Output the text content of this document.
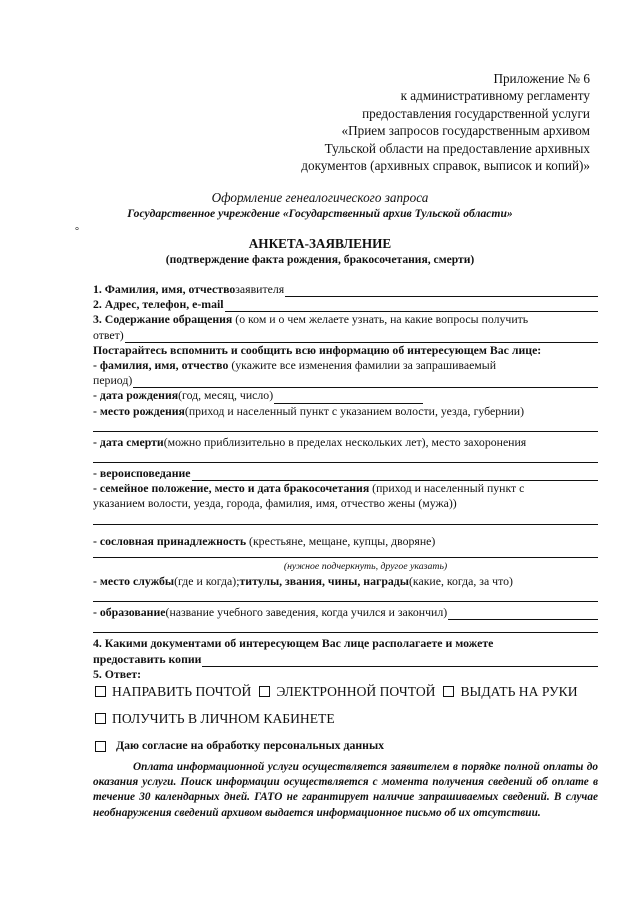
Приложение № 6
к административному регламенту
предоставления государственной услуги
«Прием запросов государственным архивом
Тульской области на предоставление архивных
документов (архивных справок, выписок и копий)»
Оформление генеалогического запроса
Государственное учреждение «Государственный архив Тульской области»
°
АНКЕТА-ЗАЯВЛЕНИЕ
(подтверждение факта рождения, бракосочетания, смерти)
1. Фамилия, имя, отчество заявителя
2. Адрес, телефон, e-mail
3. Содержание обращения (о ком и о чем желаете узнать, на какие вопросы получить
ответ)
Постарайтесь вспомнить и сообщить всю информацию об интересующем Вас лице:
- фамилия, имя, отчество (укажите все изменения фамилии за запрашиваемый
период)
- дата рождения (год, месяц, число)
- место рождения (приход и населенный пункт с указанием волости, уезда, губернии)
- дата смерти (можно приблизительно в пределах нескольких лет), место захоронения
- вероисповедание
- семейное положение, место и дата бракосочетания (приход и населенный пункт с
указанием волости, уезда, города, фамилия, имя, отчество жены (мужа))
- сословная принадлежность (крестьяне, мещане, купцы, дворяне)
(нужное подчеркнуть, другое указать)
- место службы (где и когда); титулы, звания, чины, награды (какие, когда, за что)
- образование (название учебного заведения, когда учился и закончил)
4. Какими документами об интересующем Вас лице располагаете и можете
предоставить копии
5. Ответ:
НАПРАВИТЬ ПОЧТОЙ ЭЛЕКТРОННОЙ ПОЧТОЙ ВЫДАТЬ НА РУКИ
ПОЛУЧИТЬ В ЛИЧНОМ КАБИНЕТЕ
Даю согласие на обработку персональных данных
Оплата информационной услуги осуществляется заявителем в порядке полной оплаты до оказания услуги. Поиск информации осуществляется с момента получения сведений об оплате в течение 30 календарных дней. ГАТО не гарантирует наличие запрашиваемых сведений. В случае необнаружения сведений архивом выдается информационное письмо об их отсутствии.
